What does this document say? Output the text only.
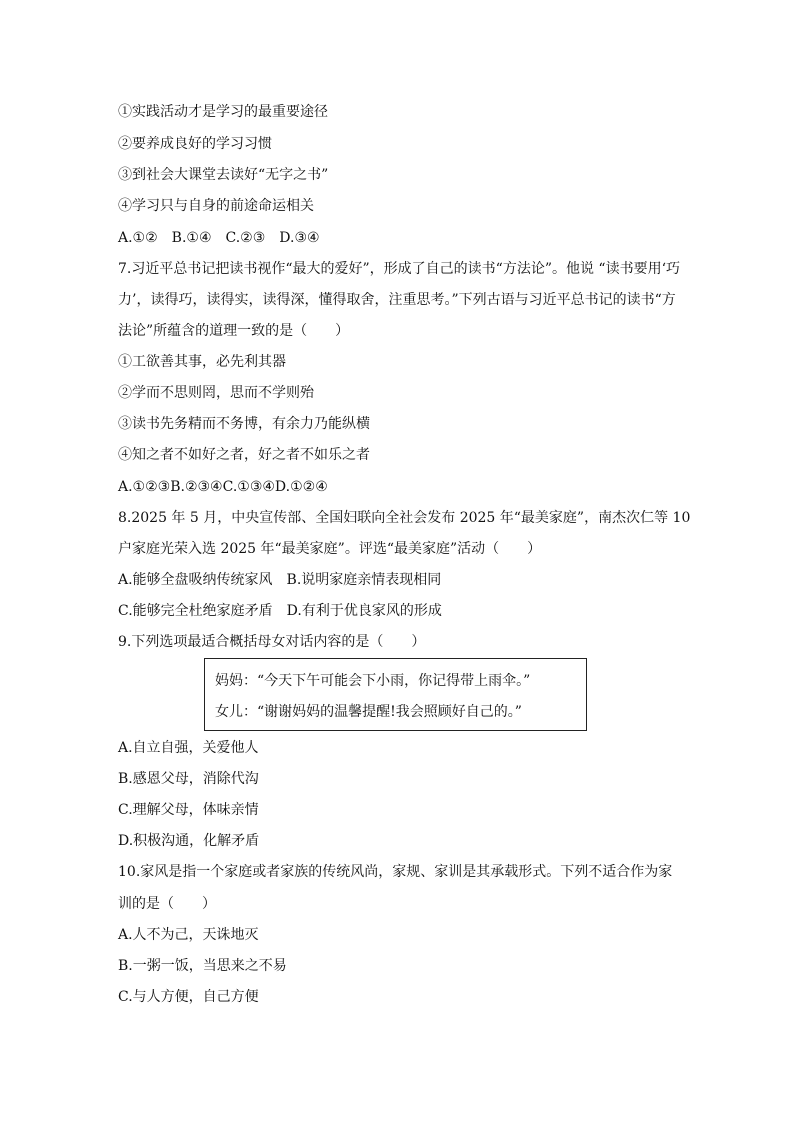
①实践活动才是学习的最重要途径
②要养成良好的学习习惯
③到社会大课堂去读好“无字之书”
④学习只与自身的前途命运相关
A.①②　B.①④　C.②③　D.③④
7.习近平总书记把读书视作“最大的爱好”，形成了自己的读书“方法论”。他说 “读书要用‘巧
力’，读得巧，读得实，读得深，懂得取舍，注重思考。”下列古语与习近平总书记的读书“方
法论”所蕴含的道理一致的是（　　）
①工欲善其事，必先利其器
②学而不思则罔，思而不学则殆
③读书先务精而不务博，有余力乃能纵横
④知之者不如好之者，好之者不如乐之者
A.①②③B.②③④C.①③④D.①②④
8.2025 年 5 月，中央宣传部、全国妇联向全社会发布 2025 年“最美家庭”，南杰次仁等 10
户家庭光荣入选 2025 年“最美家庭”。评选“最美家庭”活动（　　）
A.能够全盘吸纳传统家风　B.说明家庭亲情表现相同
C.能够完全杜绝家庭矛盾　D.有利于优良家风的形成
9.下列选项最适合概括母女对话内容的是（　　）
妈妈：“今天下午可能会下小雨，你记得带上雨伞。”
女儿：“谢谢妈妈的温馨提醒!我会照顾好自己的。”
A.自立自强，关爱他人
B.感恩父母，消除代沟
C.理解父母，体味亲情
D.积极沟通，化解矛盾
10.家风是指一个家庭或者家族的传统风尚，家规、家训是其承载形式。下列不适合作为家
训的是（　　）
A.人不为己，天诛地灭
B.一粥一饭，当思来之不易
C.与人方便，自己方便
